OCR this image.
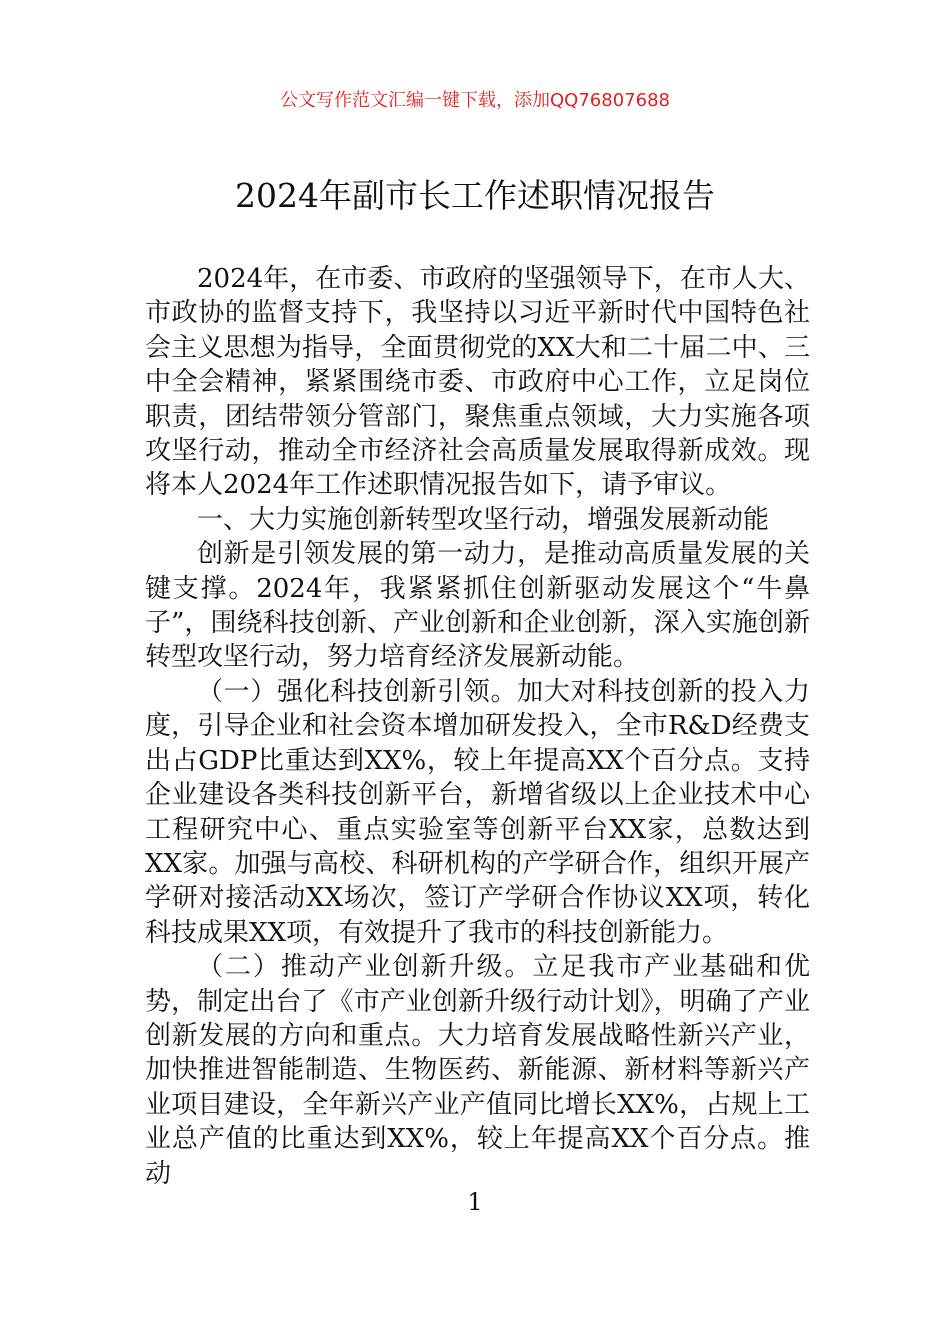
公文写作范文汇编一键下载，添加QQ76807688
2024年副市长工作述职情况报告

2024年，在市委、市政府的坚强领导下，在市人大、市政协的监督支持下，我坚持以习近平新时代中国特色社会主义思想为指导，全面贯彻党的XX大和二十届二中、三中全会精神，紧紧围绕市委、市政府中心工作，立足岗位职责，团结带领分管部门，聚焦重点领域，大力实施各项攻坚行动，推动全市经济社会高质量发展取得新成效。现将本人2024年工作述职情况报告如下，请予审议。

一、大力实施创新转型攻坚行动，增强发展新动能

创新是引领发展的第一动力，是推动高质量发展的关键支撑。2024年，我紧紧抓住创新驱动发展这个“牛鼻子”，围绕科技创新、产业创新和企业创新，深入实施创新转型攻坚行动，努力培育经济发展新动能。

（一）强化科技创新引领。加大对科技创新的投入力度，引导企业和社会资本增加研发投入，全市R&D经费支出占GDP比重达到XX%，较上年提高XX个百分点。支持企业建设各类科技创新平台，新增省级以上企业技术中心工程研究中心、重点实验室等创新平台XX家，总数达到XX家。加强与高校、科研机构的产学研合作，组织开展产学研对接活动XX场次，签订产学研合作协议XX项，转化科技成果XX项，有效提升了我市的科技创新能力。

（二）推动产业创新升级。立足我市产业基础和优势，制定出台了《市产业创新升级行动计划》，明确了产业创新发展的方向和重点。大力培育发展战略性新兴产业，加快推进智能制造、生物医药、新能源、新材料等新兴产业项目建设，全年新兴产业产值同比增长XX%，占规上工业总产值的比重达到XX%，较上年提高XX个百分点。推动

1
